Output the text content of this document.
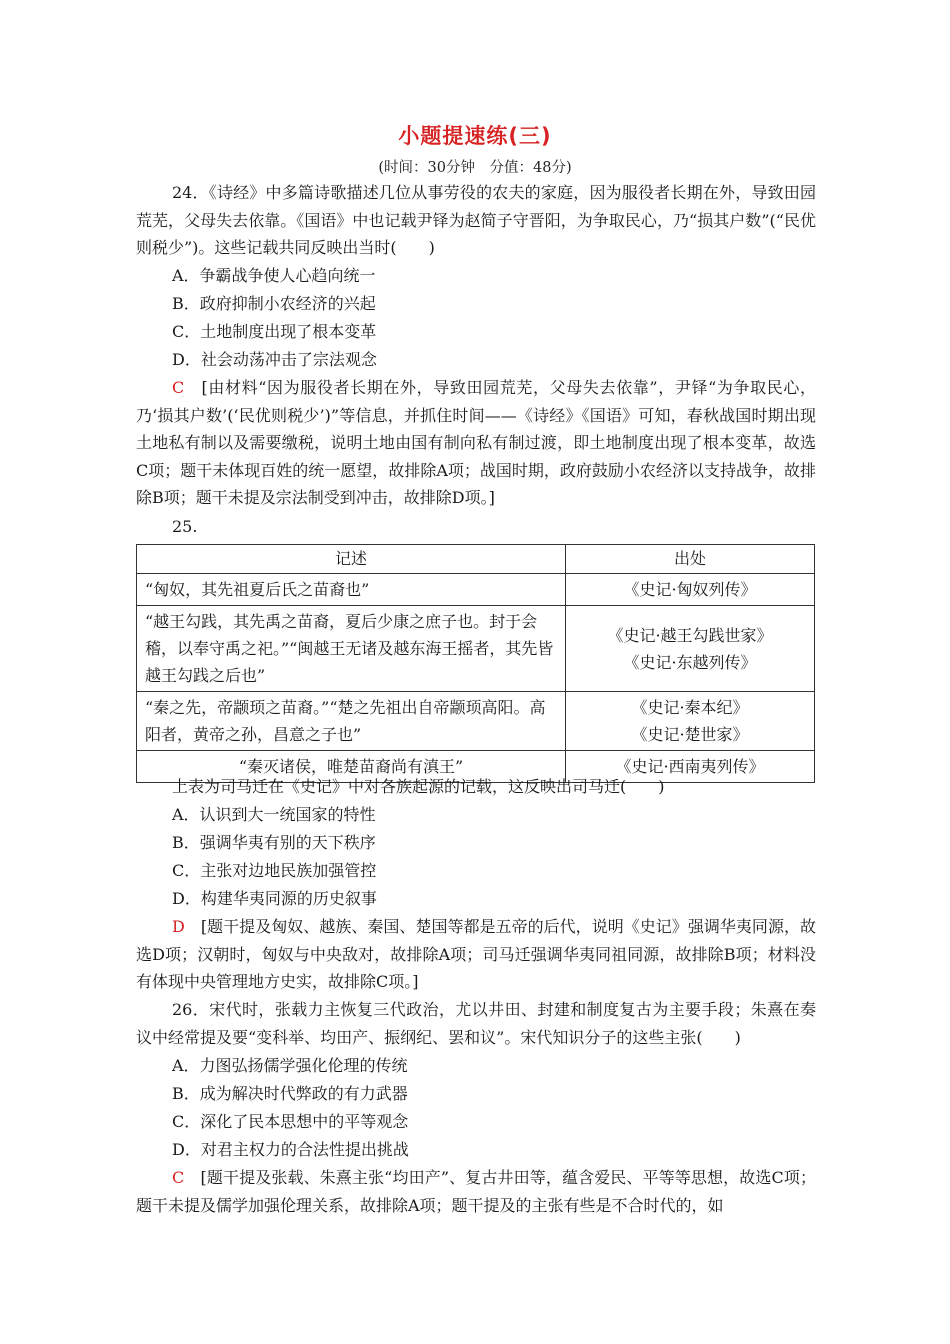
小题提速练(三)
(时间：30分钟　分值：48分)
24．《诗经》中多篇诗歌描述几位从事劳役的农夫的家庭，因为服役者长期在外，导致田园荒芜，父母失去依靠。《国语》中也记载尹铎为赵简子守晋阳，为争取民心，乃“损其户数”(“民优则税少”)。这些记载共同反映出当时(　　)
A．争霸战争使人心趋向统一
B．政府抑制小农经济的兴起
C．土地制度出现了根本变革
D．社会动荡冲击了宗法观念
C　[由材料“因为服役者长期在外，导致田园荒芜，父母失去依靠”，尹铎“为争取民心，乃‘损其户数’(‘民优则税少’)”等信息，并抓住时间——《诗经》《国语》可知，春秋战国时期出现土地私有制以及需要缴税，说明土地由国有制向私有制过渡，即土地制度出现了根本变革，故选C项；题干未体现百姓的统一愿望，故排除A项；战国时期，政府鼓励小农经济以支持战争，故排除B项；题干未提及宗法制受到冲击，故排除D项。]
25.
记述	出处
“匈奴，其先祖夏后氏之苗裔也”	《史记·匈奴列传》

“越王勾践，其先禹之苗裔，夏后少康之庶子也。封于会稽，以奉守禹之祀。”“闽越王无诸及越东海王摇者，其先皆越王勾践之后也”	《史记·越王勾践世家》
《史记·东越列传》

“秦之先，帝颛顼之苗裔。”“楚之先祖出自帝颛顼高阳。高阳者，黄帝之孙，昌意之子也”	《史记·秦本纪》
《史记·楚世家》

“秦灭诸侯，唯楚苗裔尚有滇王”	《史记·西南夷列传》
上表为司马迁在《史记》中对各族起源的记载，这反映出司马迁(　　)
A．认识到大一统国家的特性
B．强调华夷有别的天下秩序
C．主张对边地民族加强管控
D．构建华夷同源的历史叙事
D　[题干提及匈奴、越族、秦国、楚国等都是五帝的后代，说明《史记》强调华夷同源，故选D项；汉朝时，匈奴与中央敌对，故排除A项；司马迁强调华夷同祖同源，故排除B项；材料没有体现中央管理地方史实，故排除C项。]
26．宋代时，张载力主恢复三代政治，尤以井田、封建和制度复古为主要手段；朱熹在奏议中经常提及要“变科举、均田产、振纲纪、罢和议”。宋代知识分子的这些主张(　　)
A．力图弘扬儒学强化伦理的传统
B．成为解决时代弊政的有力武器
C．深化了民本思想中的平等观念
D．对君主权力的合法性提出挑战
C　[题干提及张载、朱熹主张“均田产”、复古井田等，蕴含爱民、平等等思想，故选C项；题干未提及儒学加强伦理关系，故排除A项；题干提及的主张有些是不合时代的，如
